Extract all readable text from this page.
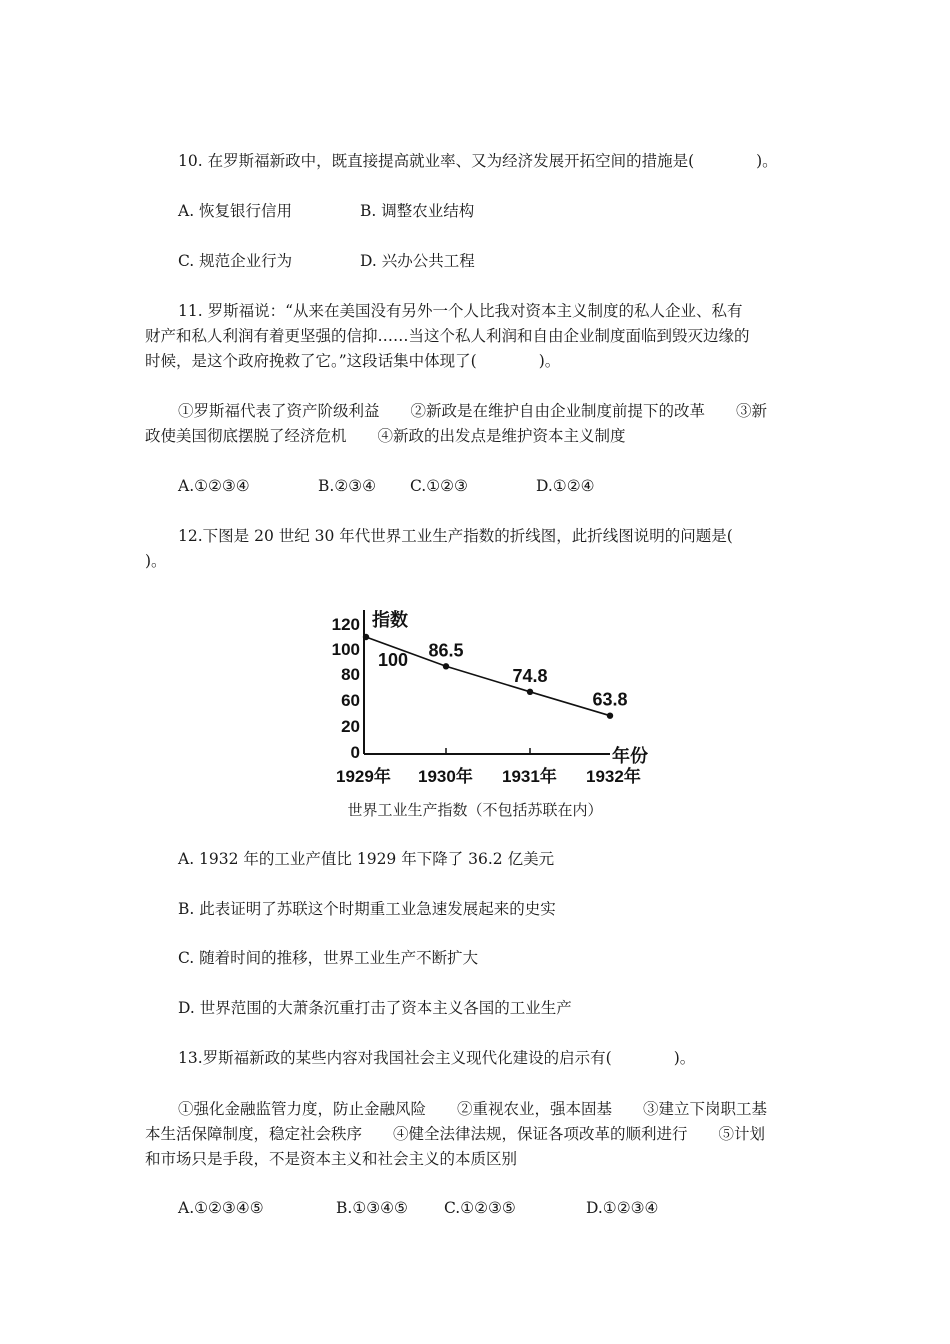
10. 在罗斯福新政中，既直接提高就业率、又为经济发展开拓空间的措施是(　　　　)。
A. 恢复银行信用	B. 调整农业结构
C. 规范企业行为	D. 兴办公共工程
11. 罗斯福说：“从来在美国没有另外一个人比我对资本主义制度的私人企业、私有
财产和私人利润有着更坚强的信抑……当这个私人利润和自由企业制度面临到毁灭边缘的
时候，是这个政府挽救了它。”这段话集中体现了(　　　　)。
①罗斯福代表了资产阶级利益　　②新政是在维护自由企业制度前提下的改革　　③新
政使美国彻底摆脱了经济危机　　④新政的出发点是维护资本主义制度
A.①②③④	B.②③④ C.①②③	D.①②④
12.下图是 20 世纪 30 年代世界工业生产指数的折线图，此折线图说明的问题是(
)。
指数
年份
120
100
80
60
20
0
1929年 1930年 1931年 1932年
100 86.5
74.8
63.8
世界工业生产指数（不包括苏联在内）
A. 1932 年的工业产值比 1929 年下降了 36.2 亿美元
B. 此表证明了苏联这个时期重工业急速发展起来的史实
C. 随着时间的推移，世界工业生产不断扩大
D. 世界范围的大萧条沉重打击了资本主义各国的工业生产
13.罗斯福新政的某些内容对我国社会主义现代化建设的启示有(　　　　)。
①强化金融监管力度，防止金融风险　　②重视农业，强本固基　　③建立下岗职工基
本生活保障制度，稳定社会秩序　　④健全法律法规，保证各项改革的顺利进行　　⑤计划
和市场只是手段，不是资本主义和社会主义的本质区别
A.①②③④⑤	B.①③④⑤ C.①②③⑤	D.①②③④
